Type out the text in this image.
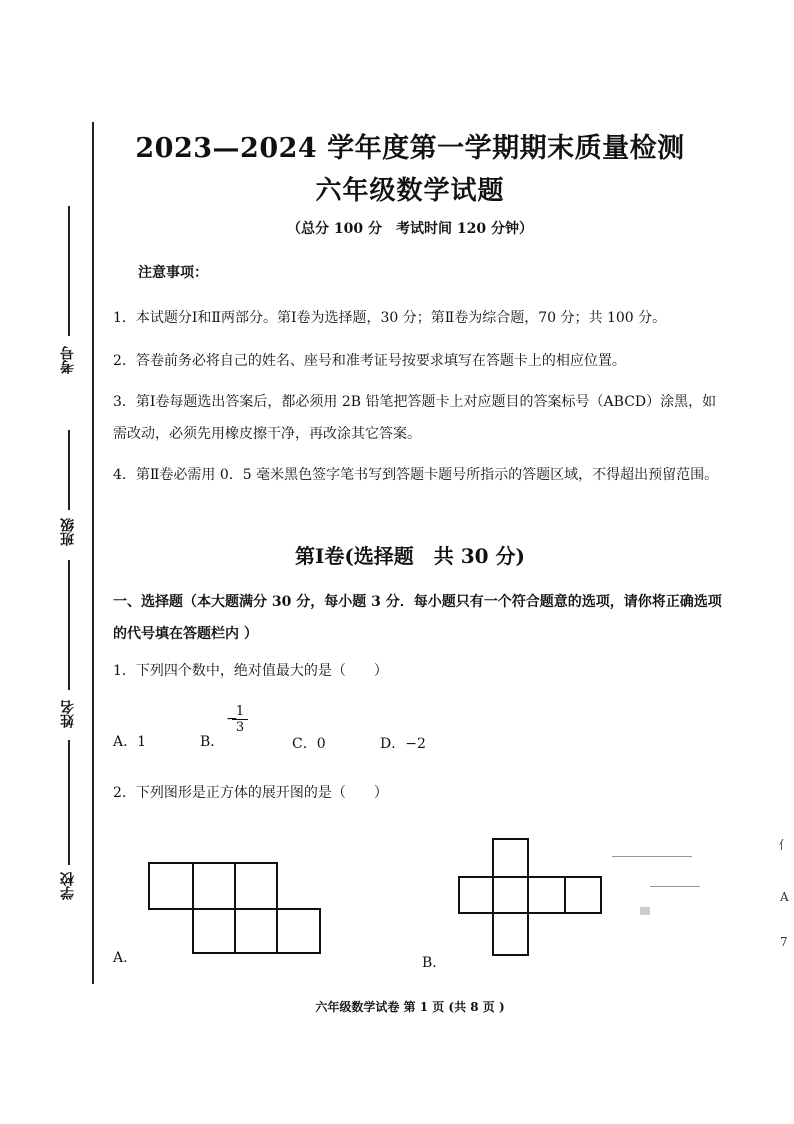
考号
班级
姓名
学校
2023—2024 学年度第一学期期末质量检测
六年级数学试题
（总分 100 分　考试时间 120 分钟）
注意事项：
1．本试题分Ⅰ和Ⅱ两部分。第Ⅰ卷为选择题，30 分；第Ⅱ卷为综合题，70 分；共 100 分。
2．答卷前务必将自己的姓名、座号和准考证号按要求填写在答题卡上的相应位置。
3．第Ⅰ卷每题选出答案后，都必须用 2B 铅笔把答题卡上对应题目的答案标号（ABCD）涂黑，如需改动，必须先用橡皮擦干净，再改涂其它答案。
4．第Ⅱ卷必需用 0．5 毫米黑色签字笔书写到答题卡题号所指示的答题区域，不得超出预留范围。
第Ⅰ卷(选择题　共 30 分)
一、选择题（本大题满分 30 分，每小题 3 分．每小题只有一个符合题意的选项，请你将正确选项的代号填在答题栏内 ）
1．下列四个数中，绝对值最大的是（　　）
A．1	B．
−
$\frac{1}{3}$
C．0	D．−2
2．下列图形是正方体的展开图的是（　　）
A.	B.
亻
A
7
六年级数学试卷 第 1 页 (共 8 页 )
